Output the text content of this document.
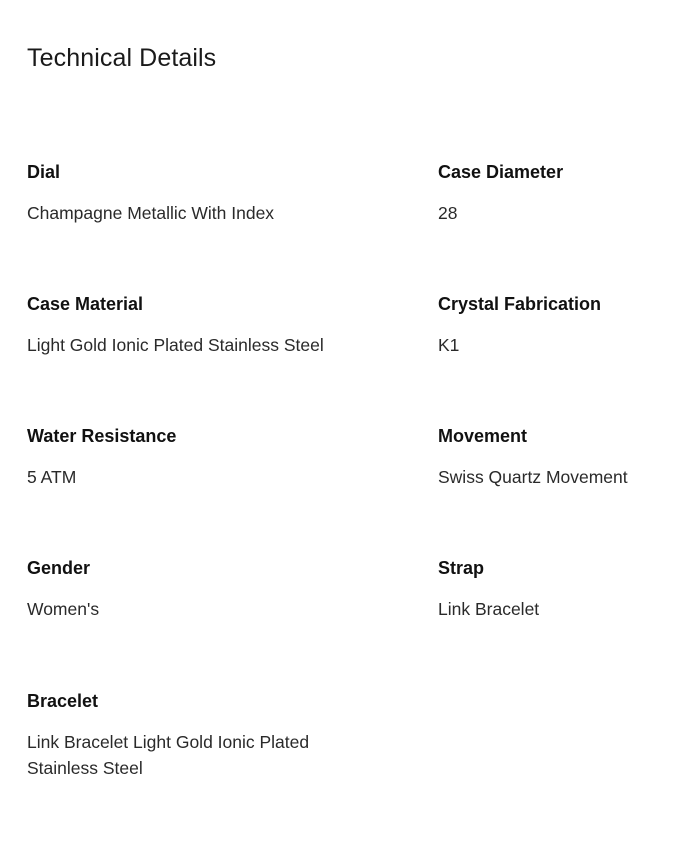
Technical Details
Dial
Champagne Metallic With Index
Case Diameter
28
Case Material
Light Gold Ionic Plated Stainless Steel
Crystal Fabrication
K1
Water Resistance
5 ATM
Movement
Swiss Quartz Movement
Gender
Women's
Strap
Link Bracelet
Bracelet
Link Bracelet Light Gold Ionic Plated Stainless Steel
